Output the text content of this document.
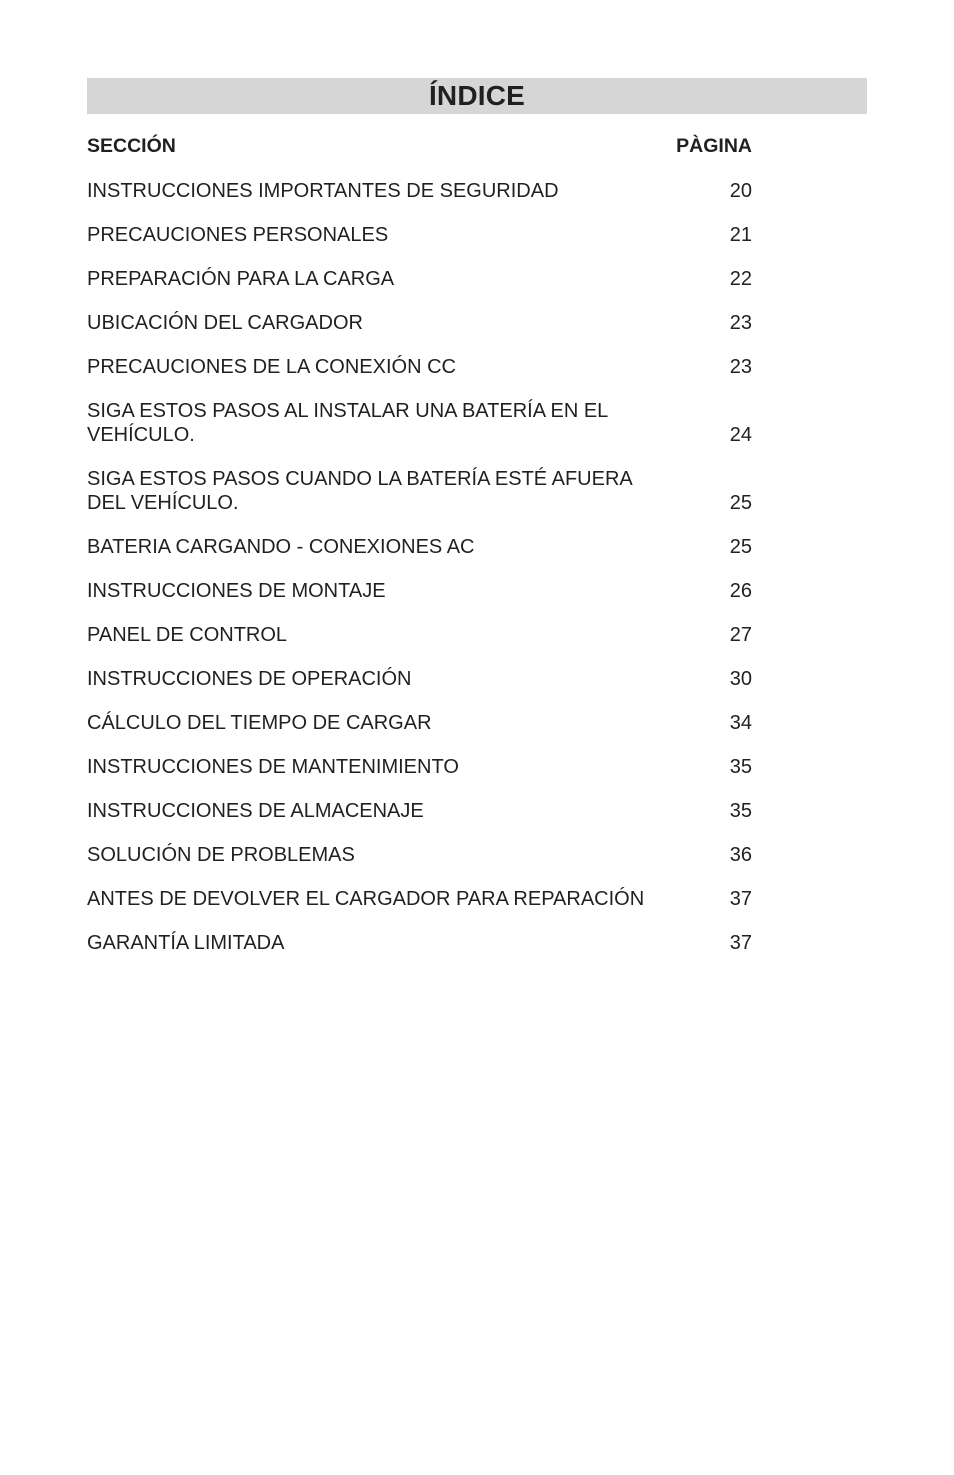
ÍNDICE
SECCIÓN	PÀGINA
INSTRUCCIONES IMPORTANTES DE SEGURIDAD	20
PRECAUCIONES PERSONALES	21
PREPARACIÓN PARA LA CARGA	22
UBICACIÓN DEL CARGADOR	23
PRECAUCIONES DE LA CONEXIÓN CC	23
SIGA ESTOS PASOS AL INSTALAR UNA BATERÍA EN EL
VEHÍCULO.	24
SIGA ESTOS PASOS CUANDO LA BATERÍA ESTÉ AFUERA
DEL VEHÍCULO.	25
BATERIA CARGANDO - CONEXIONES AC	25
INSTRUCCIONES DE MONTAJE	26
PANEL DE CONTROL	27
INSTRUCCIONES DE OPERACIÓN	30
CÁLCULO DEL TIEMPO DE CARGAR	34
INSTRUCCIONES DE MANTENIMIENTO	35
INSTRUCCIONES DE ALMACENAJE	35
SOLUCIÓN DE PROBLEMAS	36
ANTES DE DEVOLVER EL CARGADOR PARA REPARACIÓN	37
GARANTÍA LIMITADA	37
